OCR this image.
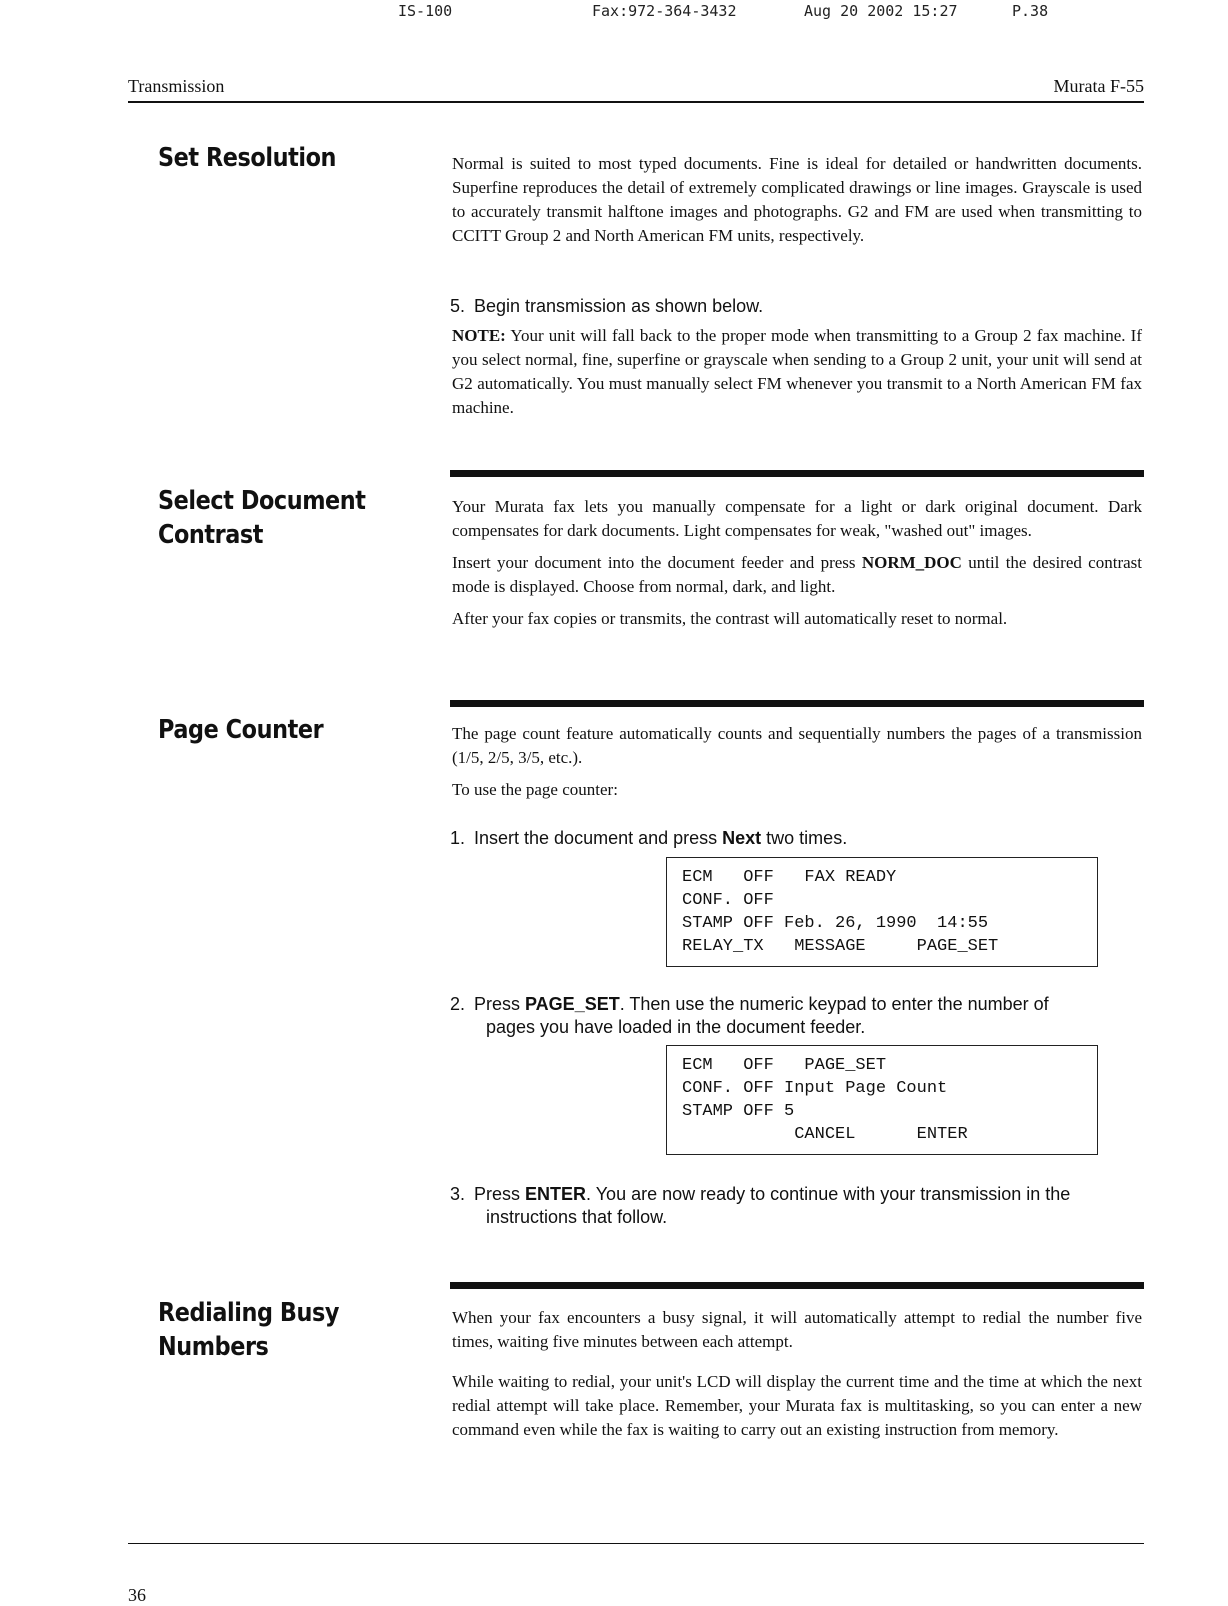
IS-100	Fax:972-364-3432	Aug 20 2002 15:27	P.38
Transmission	Murata F-55
Set Resolution	Normal is suited to most typed documents. Fine is ideal for detailed or handwritten documents. Superfine reproduces the detail of extremely complicated drawings or line images. Grayscale is used to accurately transmit halftone images and photographs. G2 and FM are used when transmitting to CCITT Group 2 and North American FM units, respectively.

5. Begin transmission as shown below.

NOTE: Your unit will fall back to the proper mode when transmitting to a Group 2 fax machine. If you select normal, fine, superfine or grayscale when sending to a Group 2 unit, your unit will send at G2 automatically. You must manually select FM whenever you transmit to a North American FM fax machine.

Select Document
Contrast

Your Murata fax lets you manually compensate for a light or dark original document. Dark compensates for dark documents. Light compensates for weak, "washed out" images.

Insert your document into the document feeder and press NORM_DOC until the desired contrast mode is displayed. Choose from normal, dark, and light.

After your fax copies or transmits, the contrast will automatically reset to normal.

Page Counter	The page count feature automatically counts and sequentially numbers the pages of a transmission (1/5, 2/5, 3/5, etc.).

To use the page counter:

1. Insert the document and press Next two times.
ECM   OFF   FAX READY
CONF. OFF
STAMP OFF Feb. 26, 1990  14:55
RELAY_TX   MESSAGE     PAGE_SET
2. Press PAGE_SET. Then use the numeric keypad to enter the number of
pages you have loaded in the document feeder.
ECM   OFF   PAGE_SET
CONF. OFF Input Page Count
STAMP OFF 5
CANCEL      ENTER
3. Press ENTER. You are now ready to continue with your transmission in the
instructions that follow.
Redialing Busy
Numbers

When your fax encounters a busy signal, it will automatically attempt to redial the number five times, waiting five minutes between each attempt.

While waiting to redial, your unit's LCD will display the current time and the time at which the next redial attempt will take place. Remember, your Murata fax is multitasking, so you can enter a new command even while the fax is waiting to carry out an existing instruction from memory.

36
